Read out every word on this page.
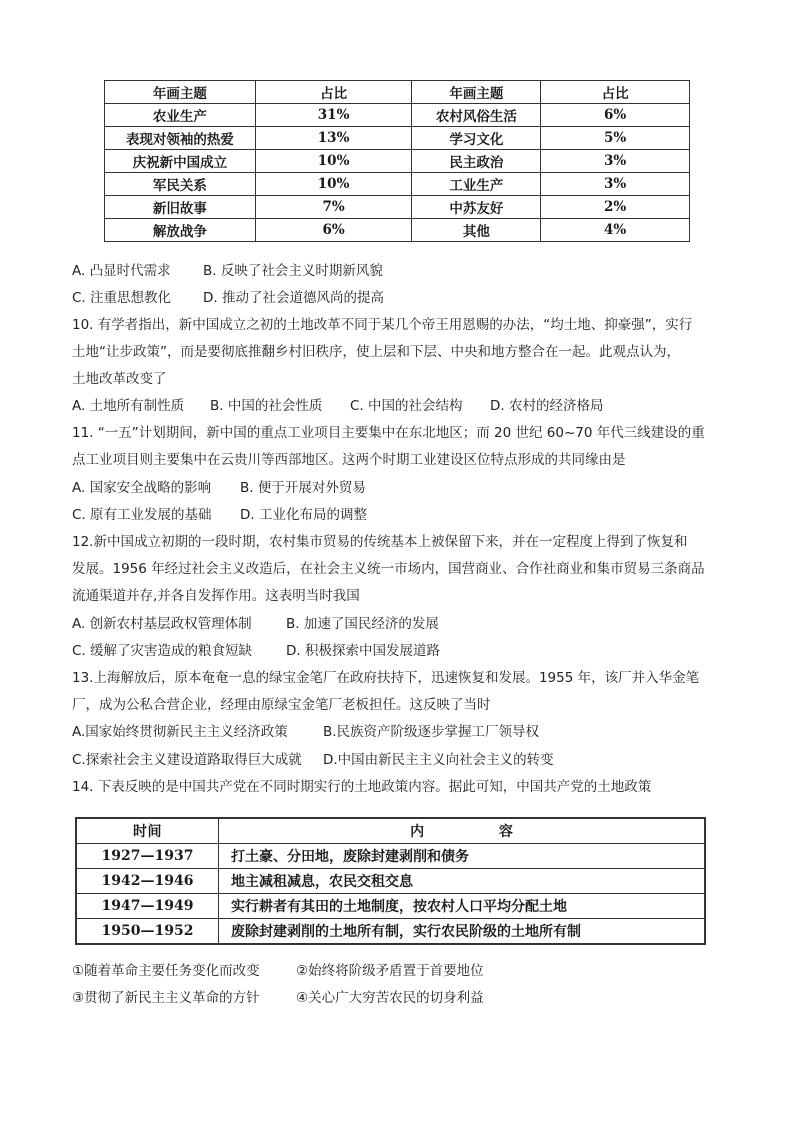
年画主题	占比	年画主题	占比
农业生产	31%	农村风俗生活	6%
表现对领袖的热爱	13%	学习文化	5%
庆祝新中国成立	10%	民主政治	3%
军民关系	10%	工业生产	3%
新旧故事	7%	中苏友好	2%
解放战争	6%	其他	4%
A. 凸显时代需求 B. 反映了社会主义时期新风貌
C. 注重思想教化 D. 推动了社会道德风尚的提高
10. 有学者指出，新中国成立之初的土地改革不同于某几个帝王用恩赐的办法，“均土地、抑豪强”，实行
土地“让步政策”，而是要彻底推翻乡村旧秩序，使上层和下层、中央和地方整合在一起。此观点认为，
土地改革改变了
A. 土地所有制性质 B. 中国的社会性质 C. 中国的社会结构 D. 农村的经济格局
11. “一五”计划期间，新中国的重点工业项目主要集中在东北地区；而 20 世纪 60~70 年代三线建设的重
点工业项目则主要集中在云贵川等西部地区。这两个时期工业建设区位特点形成的共同缘由是
A. 国家安全战略的影响 B. 便于开展对外贸易
C. 原有工业发展的基础 D. 工业化布局的调整
12.新中国成立初期的一段时期，农村集市贸易的传统基本上被保留下来，并在一定程度上得到了恢复和
发展。1956 年经过社会主义改造后，在社会主义统一市场内，国营商业、合作社商业和集市贸易三条商品
流通渠道并存,并各自发挥作用。这表明当时我国
A. 创新农村基层政权管理体制	B. 加速了国民经济的发展
C. 缓解了灾害造成的粮食短缺	D. 积极探索中国发展道路
13.上海解放后，原本奄奄一息的绿宝金笔厂在政府扶持下，迅速恢复和发展。1955 年，该厂并入华金笔
厂，成为公私合营企业，经理由原绿宝金笔厂老板担任。这反映了当时
A.国家始终贯彻新民主主义经济政策	B.民族资产阶级逐步掌握工厂领导权
C.探索社会主义建设道路取得巨大成就 D.中国由新民主主义向社会主义的转变
14. 下表反映的是中国共产党在不同时期实行的土地政策内容。据此可知，中国共产党的土地政策
时间	内 容
1927—1937	打土豪、分田地，废除封建剥削和债务
1942—1946	地主减租减息，农民交租交息
1947—1949	实行耕者有其田的土地制度，按农村人口平均分配土地
1950—1952	废除封建剥削的土地所有制，实行农民阶级的土地所有制
①随着革命主要任务变化而改变	②始终将阶级矛盾置于首要地位
③贯彻了新民主主义革命的方针	④关心广大穷苦农民的切身利益
